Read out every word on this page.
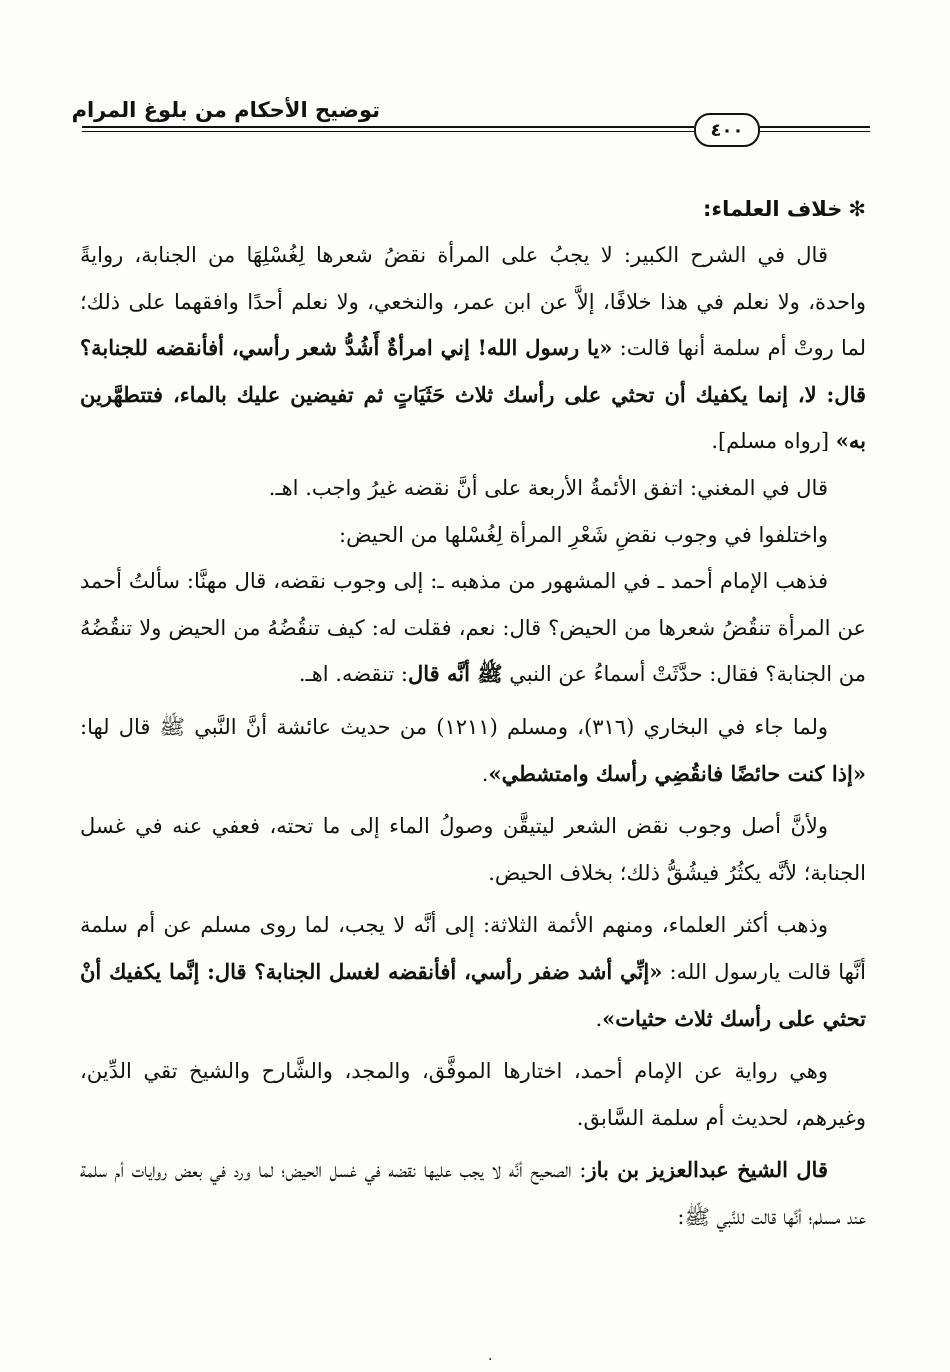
توضيح الأحكام من بلوغ المرام
٤٠٠

✻خلاف العلماء:

قال في الشرح الكبير: لا يجبُ على المرأة نقضُ شعرها لِغُسْلِهَا من الجنابة، روايةً واحدة، ولا نعلم في هذا خلافًا، إلاَّ عن ابن عمر، والنخعي، ولا نعلم أحدًا وافقهما على ذلك؛ لما روتْ أم سلمة أنها قالت: «يا رسول الله! إني امرأةٌ أَشُدُّ شعر رأسي، أفأنقضه للجنابة؟ قال: لا، إنما يكفيك أن تحثي على رأسك ثلاث حَثَيَاتٍ ثم تفيضين عليك بالماء، فتتطهَّرين به» [رواه مسلم].

قال في المغني: اتفق الأئمةُ الأربعة على أنَّ نقضه غيرُ واجب. اهـ.

واختلفوا في وجوب نقضِ شَعْرِ المرأة لِغُسْلها من الحيض:

فذهب الإمام أحمد ـ في المشهور من مذهبه ـ: إلى وجوب نقضه، قال مهنَّا: سألتُ أحمد عن المرأة تنقُضُ شعرها من الحيض؟ قال: نعم، فقلت له: كيف تنقُضُهُ من الحيض ولا تنقُضُهُ من الجنابة؟ فقال: حدَّثَتْ أسماءُ عن النبي ﷺ أنَّه قال: تنقضه. اهـ.

ولما جاء في البخاري (٣١٦)، ومسلم (١٢١١) من حديث عائشة أنَّ النَّبي ﷺ قال لها: «إذا كنت حائضًا فانقُضِي رأسك وامتشطي».

ولأنَّ أصل وجوب نقض الشعر ليتيقَّن وصولُ الماء إلى ما تحته، فعفي عنه في غسل الجنابة؛ لأنَّه يكثُرُ فيشُقُّ ذلك؛ بخلاف الحيض.

وذهب أكثر العلماء، ومنهم الأئمة الثلاثة: إلى أنَّه لا يجب، لما روى مسلم عن أم سلمة أنَّها قالت يارسول الله: «إنِّي أشد ضفر رأسي، أفأنقضه لغسل الجنابة؟ قال: إنَّما يكفيك أنْ تحثي على رأسك ثلاث حثيات».

وهي رواية عن الإمام أحمد، اختارها الموفَّق، والمجد، والشَّارح والشيخ تقي الدِّين، وغيرهم، لحديث أم سلمة السَّابق.

قال الشيخ عبدالعزيز بن باز: الصحيح أنَّه لا يجب عليها نقضه في غسل الحيض؛ لما ورد في بعض روايات أم سلمة عند مسلم؛ أنَّها قالت للنَّبي ﷺ:

·
